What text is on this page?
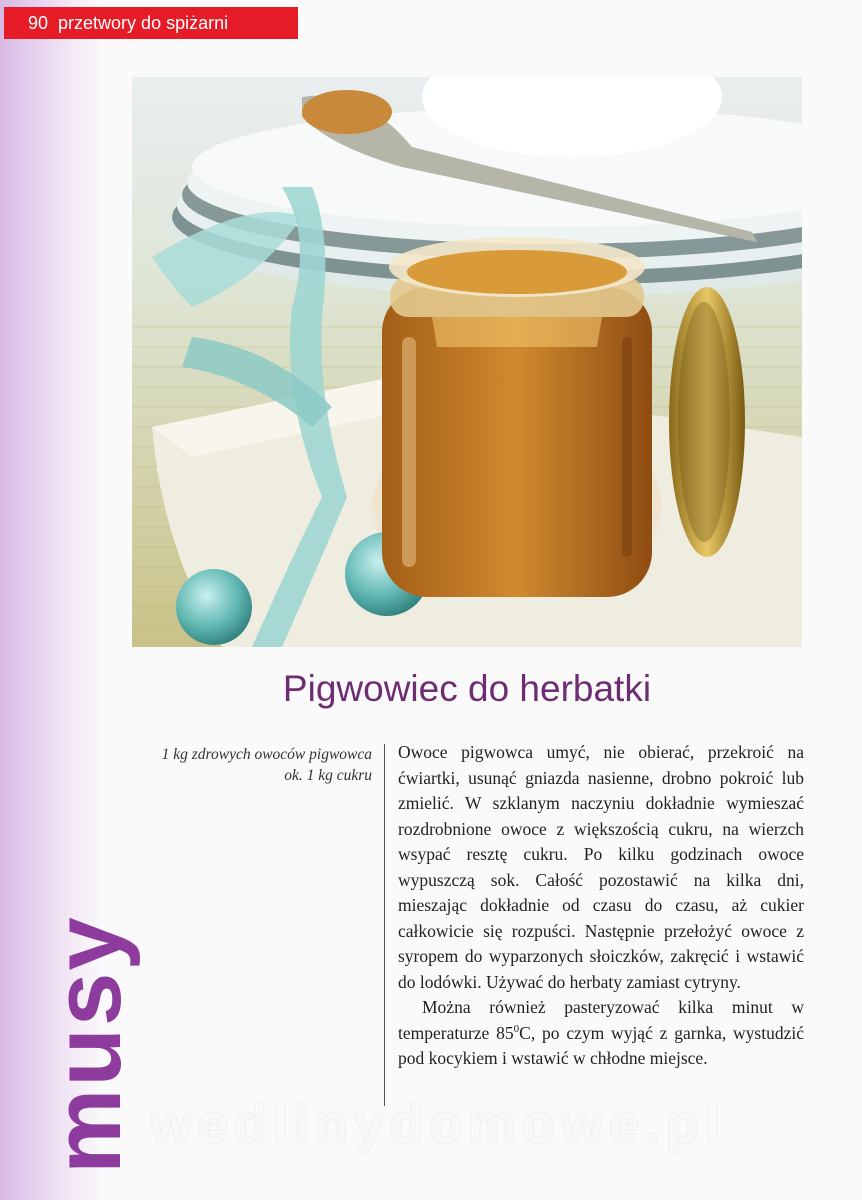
90 przetwory do spiżarni
musy
Pigwowiec do herbatki
1 kg zdrowych owoców pigwowca
ok. 1 kg cukru

Owoce pigwowca umyć, nie obierać, przekroić na ćwiartki, usunąć gniazda nasienne, drobno pokroić lub zmielić. W szklanym naczyniu dokładnie wymieszać rozdrobnione owoce z większością cukru, na wierzch wsypać resztę cukru. Po kilku godzinach owoce wypuszczą sok. Całość pozostawić na kilka dni, mieszając dokładnie od czasu do czasu, aż cukier całkowicie się rozpuści. Następnie przełożyć owoce z syropem do wyparzonych słoiczków, zakręcić i wstawić do lodówki. Używać do herbaty zamiast cytryny.

Można również pasteryzować kilka minut w temperaturze $85^0C$, po czym wyjąć z garnka, wystudzić pod kocykiem i wstawić w chłodne miejsce.

wedlinydomowe.pl
